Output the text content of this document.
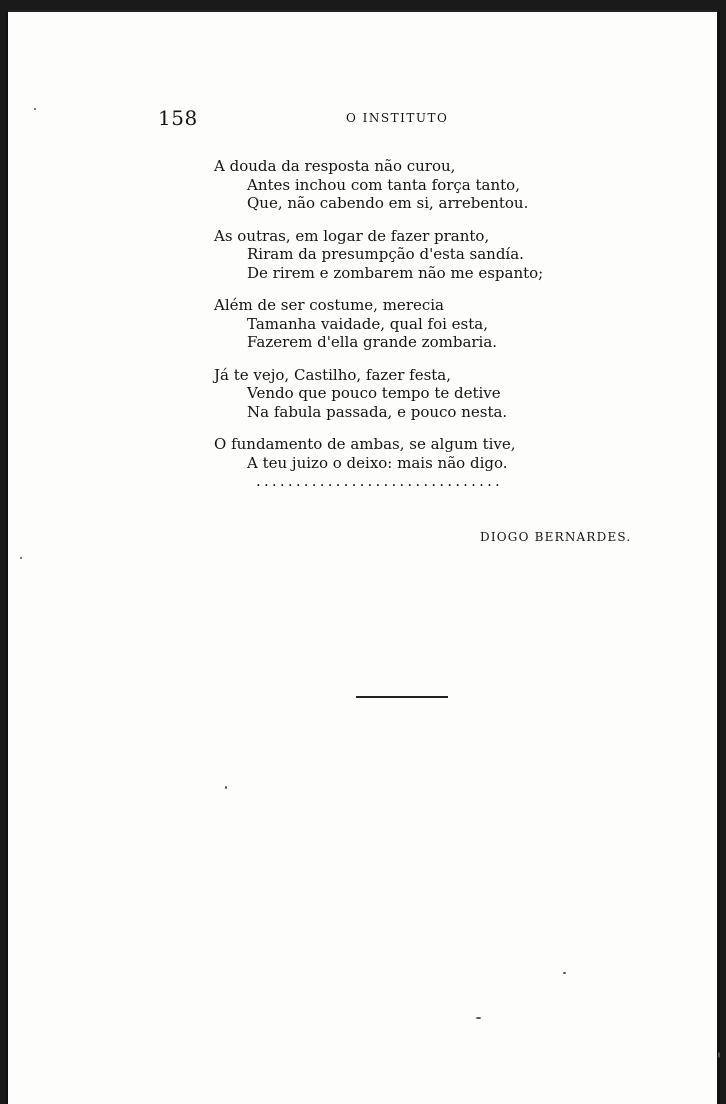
158	O INSTITUTO
A douda da resposta não curou,
Antes inchou com tanta força tanto,
Que, não cabendo em si, arrebentou.
As outras, em logar de fazer pranto,
Riram da presumpção d'esta sandía.
De rirem e zombarem não me espanto;
Além de ser costume, merecia
Tamanha vaidade, qual foi esta,
Fazerem d'ella grande zombaria.
Já te vejo, Castilho, fazer festa,
Vendo que pouco tempo te detive
Na fabula passada, e pouco nesta.
O fundamento de ambas, se algum tive,
A teu juizo o deixo: mais não digo.
...............................
DIOGO BERNARDES.
